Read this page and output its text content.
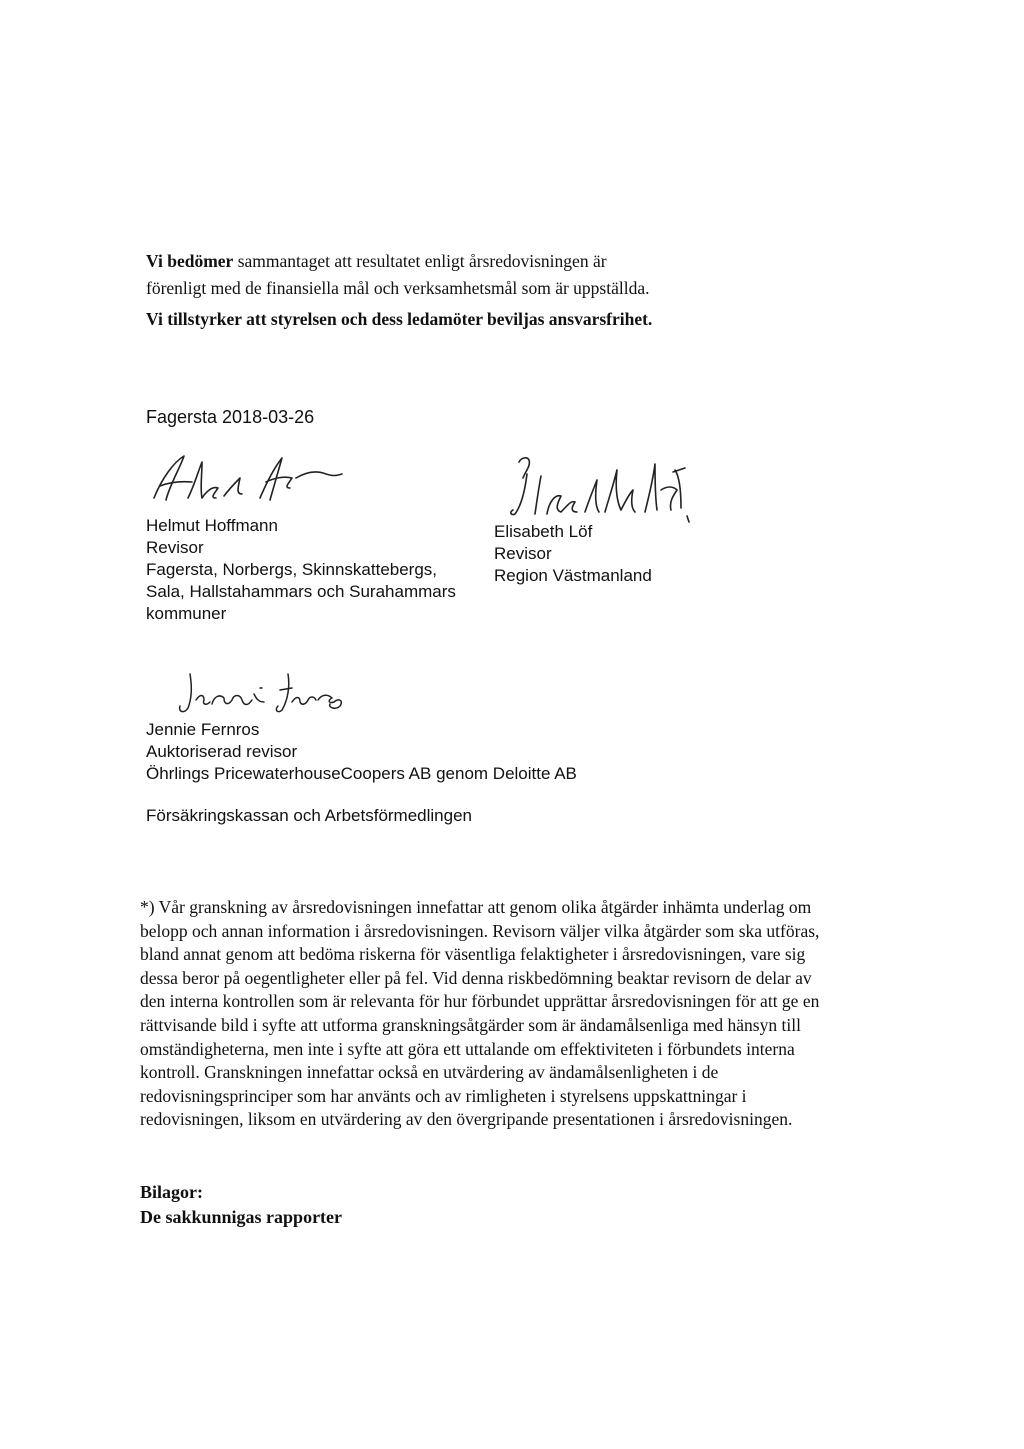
Vi bedömer sammantaget att resultatet enligt årsredovisningen är

förenligt med de finansiella mål och verksamhetsmål som är uppställda.

Vi tillstyrker att styrelsen och dess ledamöter beviljas ansvarsfrihet.

Fagersta 2018-03-26
Helmut Hoffmann
Revisor
Fagersta, Norbergs, Skinnskattebergs,
Sala, Hallstahammars och Surahammars
kommuner
Elisabeth Löf
Revisor
Region Västmanland
Jennie Fernros
Auktoriserad revisor
Öhrlings PricewaterhouseCoopers AB genom Deloitte AB
Försäkringskassan och Arbetsförmedlingen
*) Vår granskning av årsredovisningen innefattar att genom olika åtgärder inhämta underlag om
belopp och annan information i årsredovisningen. Revisorn väljer vilka åtgärder som ska utföras,
bland annat genom att bedöma riskerna för väsentliga felaktigheter i årsredovisningen, vare sig
dessa beror på oegentligheter eller på fel. Vid denna riskbedömning beaktar revisorn de delar av
den interna kontrollen som är relevanta för hur förbundet upprättar årsredovisningen för att ge en
rättvisande bild i syfte att utforma granskningsåtgärder som är ändamålsenliga med hänsyn till
omständigheterna, men inte i syfte att göra ett uttalande om effektiviteten i förbundets interna
kontroll. Granskningen innefattar också en utvärdering av ändamålsenligheten i de
redovisningsprinciper som har använts och av rimligheten i styrelsens uppskattningar i
redovisningen, liksom en utvärdering av den övergripande presentationen i årsredovisningen.
Bilagor:
De sakkunnigas rapporter
